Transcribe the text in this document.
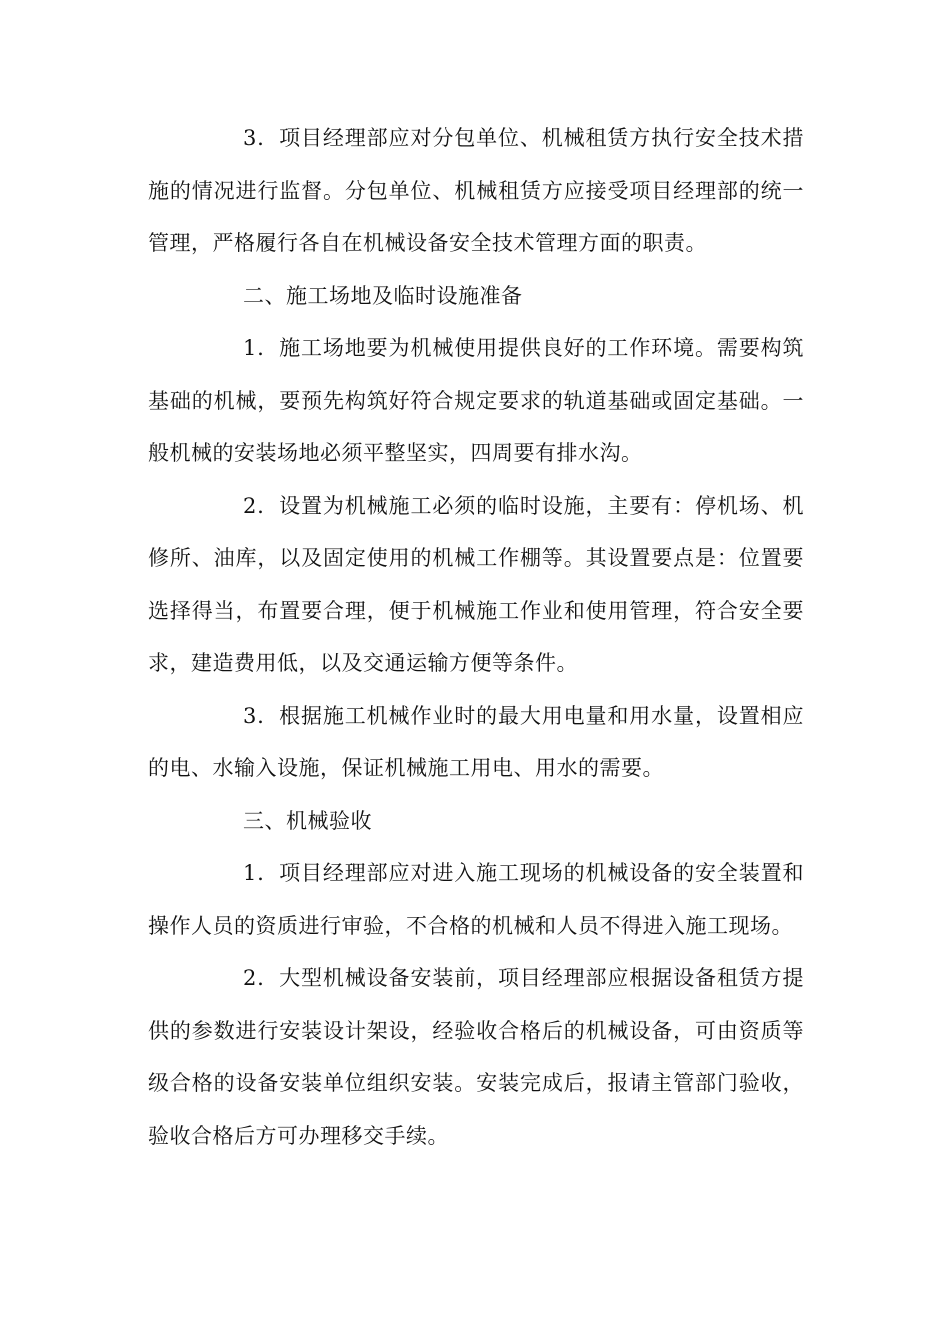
3．项目经理部应对分包单位、机械租赁方执行安全技术措施的情况进行监督。分包单位、机械租赁方应接受项目经理部的统一管理，严格履行各自在机械设备安全技术管理方面的职责。

二、施工场地及临时设施准备

1．施工场地要为机械使用提供良好的工作环境。需要构筑基础的机械，要预先构筑好符合规定要求的轨道基础或固定基础。一般机械的安装场地必须平整坚实，四周要有排水沟。

2．设置为机械施工必须的临时设施，主要有：停机场、机修所、油库，以及固定使用的机械工作棚等。其设置要点是：位置要选择得当，布置要合理，便于机械施工作业和使用管理，符合安全要求，建造费用低，以及交通运输方便等条件。

3．根据施工机械作业时的最大用电量和用水量，设置相应的电、水输入设施，保证机械施工用电、用水的需要。

三、机械验收

1．项目经理部应对进入施工现场的机械设备的安全装置和操作人员的资质进行审验，不合格的机械和人员不得进入施工现场。

2．大型机械设备安装前，项目经理部应根据设备租赁方提供的参数进行安装设计架设，经验收合格后的机械设备，可由资质等级合格的设备安装单位组织安装。安装完成后，报请主管部门验收，验收合格后方可办理移交手续。
